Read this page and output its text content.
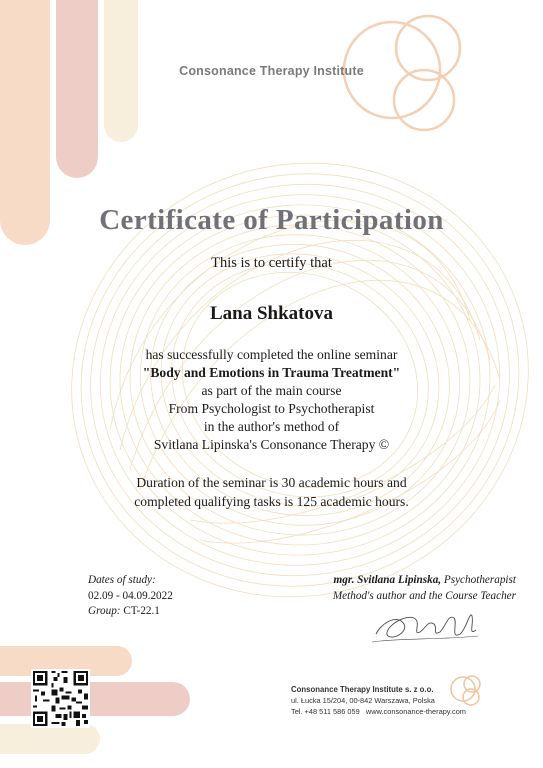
Consonance Therapy Institute
Certificate of Participation
This is to certify that
Lana Shkatova
has successfully completed the online seminar
"Body and Emotions in Trauma Treatment"
as part of the main course
From Psychologist to Psychotherapist
in the author's method of
Svitlana Lipinska's Consonance Therapy ©
Duration of the seminar is 30 academic hours and
completed qualifying tasks is 125 academic hours.
Dates of study:
02.09 - 04.09.2022
Group: CT-22.1
mgr. Svitlana Lipinska, Psychotherapist
Method's author and the Course Teacher
Consonance Therapy Institute s. z o.o.
ul. Łucka 15/204, 00-842 Warszawa, Polska
Tel. +48 511 586 059 www.consonance-therapy.com
